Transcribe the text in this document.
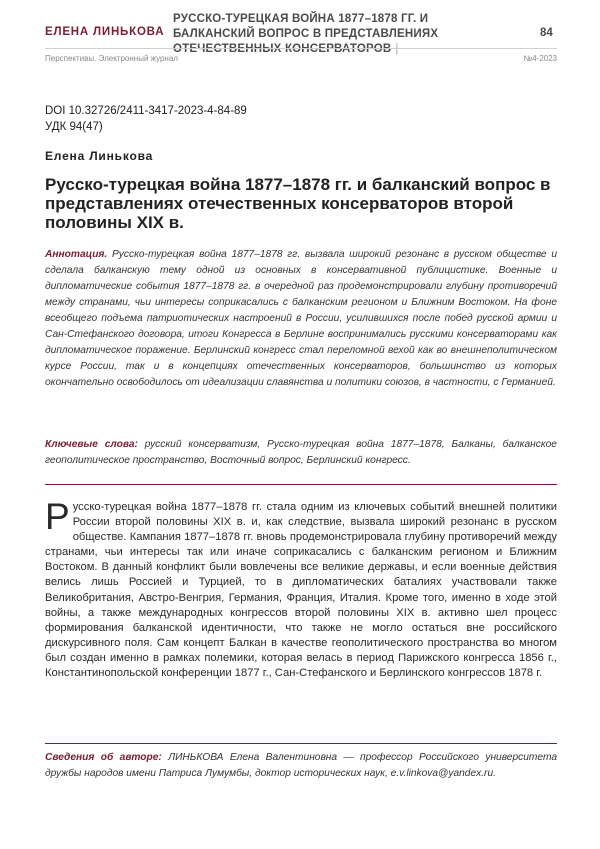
ЕЛЕНА ЛИНЬКОВА
РУССКО-ТУРЕЦКАЯ ВОЙНА 1877–1878 ГГ. И БАЛКАНСКИЙ ВОПРОС В ПРЕДСТАВЛЕНИЯХ ОТЕЧЕСТВЕННЫХ КОНСЕРВАТОРОВ |
84
Перспективы. Электронный журнал	№4-2023
DOI 10.32726/2411-3417-2023-4-84-89
УДК 94(47)
Елена Линькова
Русско-турецкая война 1877–1878 гг. и балканский вопрос в представлениях отечественных консерваторов второй половины XIX в.
Аннотация. Русско-турецкая война 1877–1878 гг. вызвала широкий резонанс в русском обществе и сделала балканскую тему одной из основных в консервативной публицистике. Военные и дипломатические события 1877–1878 гг. в очередной раз продемонстрировали глубину противоречий между странами, чьи интересы соприкасались с балканским регионом и Ближним Востоком. На фоне всеобщего подъема патриотических настроений в России, усилившихся после побед русской армии и Сан-Стефанского договора, итоги Конгресса в Берлине воспринимались русскими консерваторами как дипломатическое поражение. Берлинский конгресс стал переломной вехой как во внешнеполитическом курсе России, так и в концепциях отечественных консерваторов, большинство из которых окончательно освободилось от идеализации славянства и политики союзов, в частности, с Германией.
Ключевые слова: русский консерватизм, Русско-турецкая война 1877–1878, Балканы, балканское геополитическое пространство, Восточный вопрос, Берлинский конгресс.
Русско-турецкая война 1877–1878 гг. стала одним из ключевых событий внешней политики России второй половины XIX в. и, как следствие, вызвала широкий резонанс в русском обществе. Кампания 1877–1878 гг. вновь продемонстрировала глубину противоречий между странами, чьи интересы так или иначе соприкасались с балканским регионом и Ближним Востоком. В данный конфликт были вовлечены все великие державы, и если военные действия велись лишь Россией и Турцией, то в дипломатических баталиях участвовали также Великобритания, Австро-Венгрия, Германия, Франция, Италия. Кроме того, именно в ходе этой войны, а также международных конгрессов второй половины XIX в. активно шел процесс формирования балканской идентичности, что также не могло остаться вне российского дискурсивного поля. Сам концепт Балкан в качестве геополитического пространства во многом был создан именно в рамках полемики, которая велась в период Парижского конгресса 1856 г., Константинопольской конференции 1877 г., Сан-Стефанского и Берлинского конгрессов 1878 г.
Сведения об авторе: ЛИНЬКОВА Елена Валентиновна — профессор Российского университета дружбы народов имени Патриса Лумумбы, доктор исторических наук, e.v.linkova@yandex.ru.
